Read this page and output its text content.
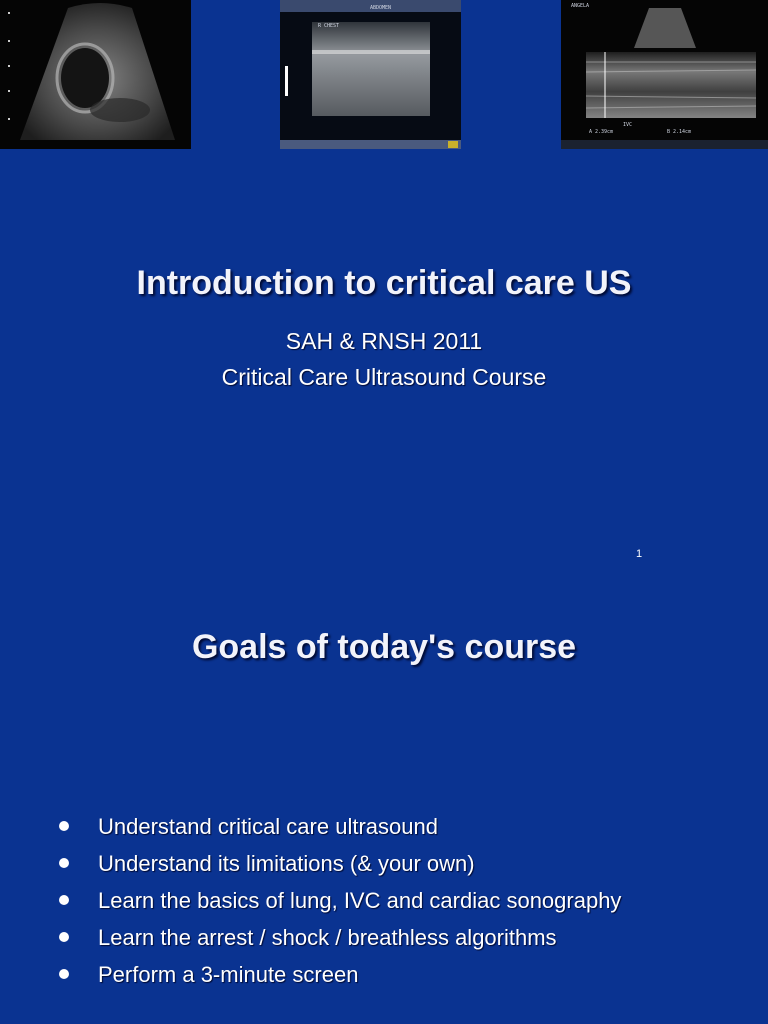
ABDOMEN
R CHEST
ANGELA
IVC
A 2.39cm	B 2.14cm
Introduction to critical care US

SAH & RNSH 2011

Critical Care Ultrasound Course

1
Goals of today's course
Understand critical care ultrasound
Understand its limitations (& your own)
Learn the basics of lung, IVC and cardiac sonography
Learn the arrest / shock / breathless algorithms
Perform a 3-minute screen
